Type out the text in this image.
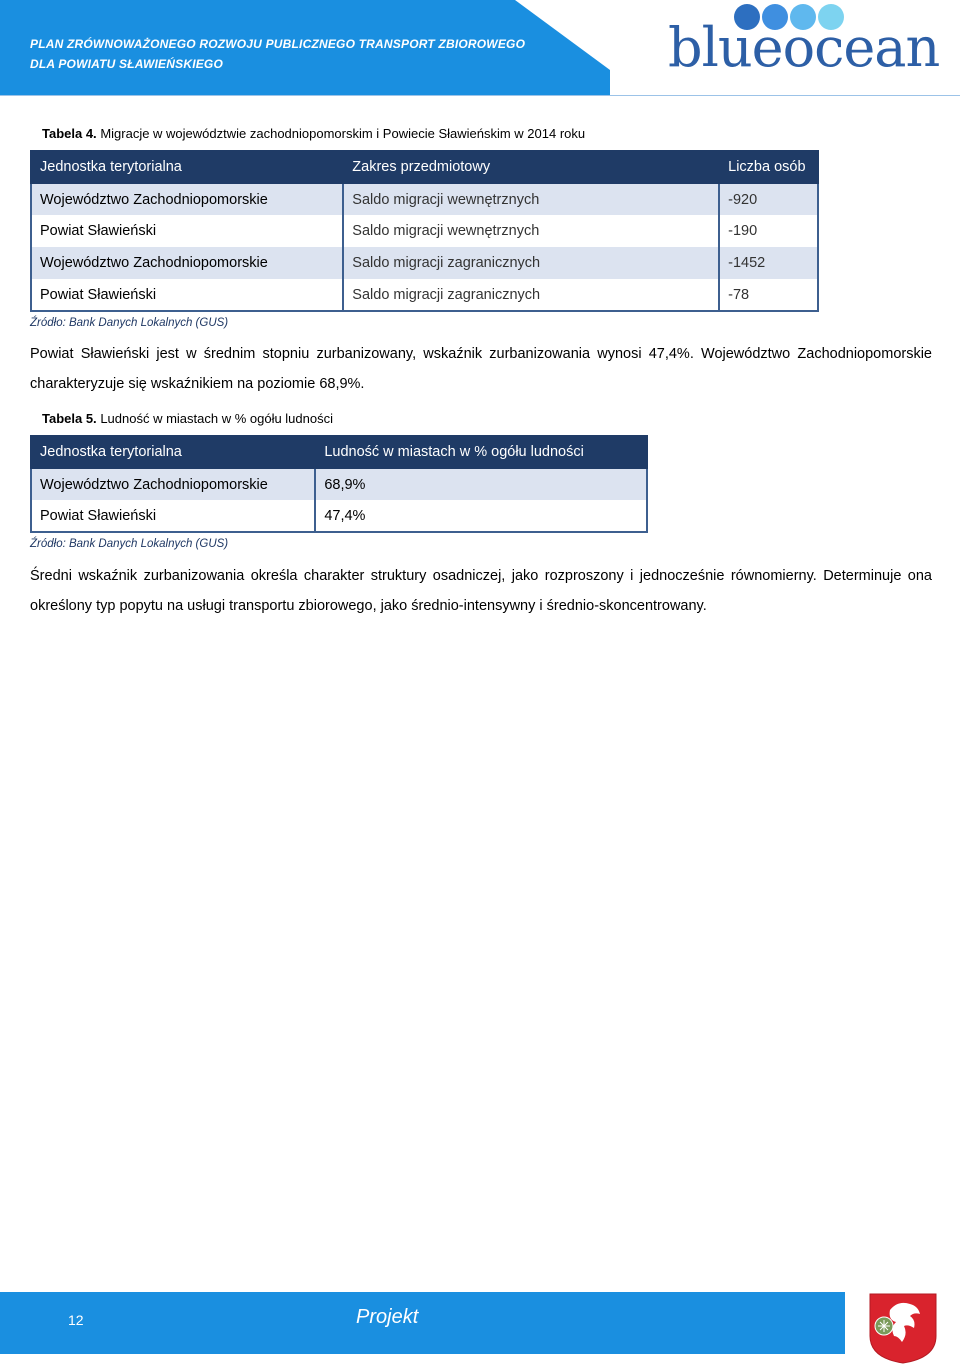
PLAN ZRÓWNOWAŻONEGO ROZWOJU PUBLICZNEGO TRANSPORT ZBIOROWEGO
DLA POWIATU SŁAWIEŃSKIEGO	blueocean
Tabela 4. Migracje w województwie zachodniopomorskim i Powiecie Sławieńskim w 2014 roku
Jednostka terytorialna	Zakres przedmiotowy	Liczba osób
Województwo Zachodniopomorskie	Saldo migracji wewnętrznych	-920
Powiat Sławieński	Saldo migracji wewnętrznych	-190
Województwo Zachodniopomorskie	Saldo migracji zagranicznych	-1452
Powiat Sławieński	Saldo migracji zagranicznych	-78
Źródło: Bank Danych Lokalnych (GUS)
Powiat Sławieński jest w średnim stopniu zurbanizowany, wskaźnik zurbanizowania wynosi 47,4%. Województwo Zachodniopomorskie charakteryzuje się wskaźnikiem na poziomie 68,9%.
Tabela 5. Ludność w miastach w % ogółu ludności
Jednostka terytorialna	Ludność w miastach w % ogółu ludności
Województwo Zachodniopomorskie	68,9%
Powiat Sławieński	47,4%
Źródło: Bank Danych Lokalnych (GUS)
Średni wskaźnik zurbanizowania określa charakter struktury osadniczej, jako rozproszony i jednocześnie równomierny. Determinuje ona określony typ popytu na usługi transportu zbiorowego, jako średnio-intensywny i średnio-skoncentrowany.
12	Projekt
